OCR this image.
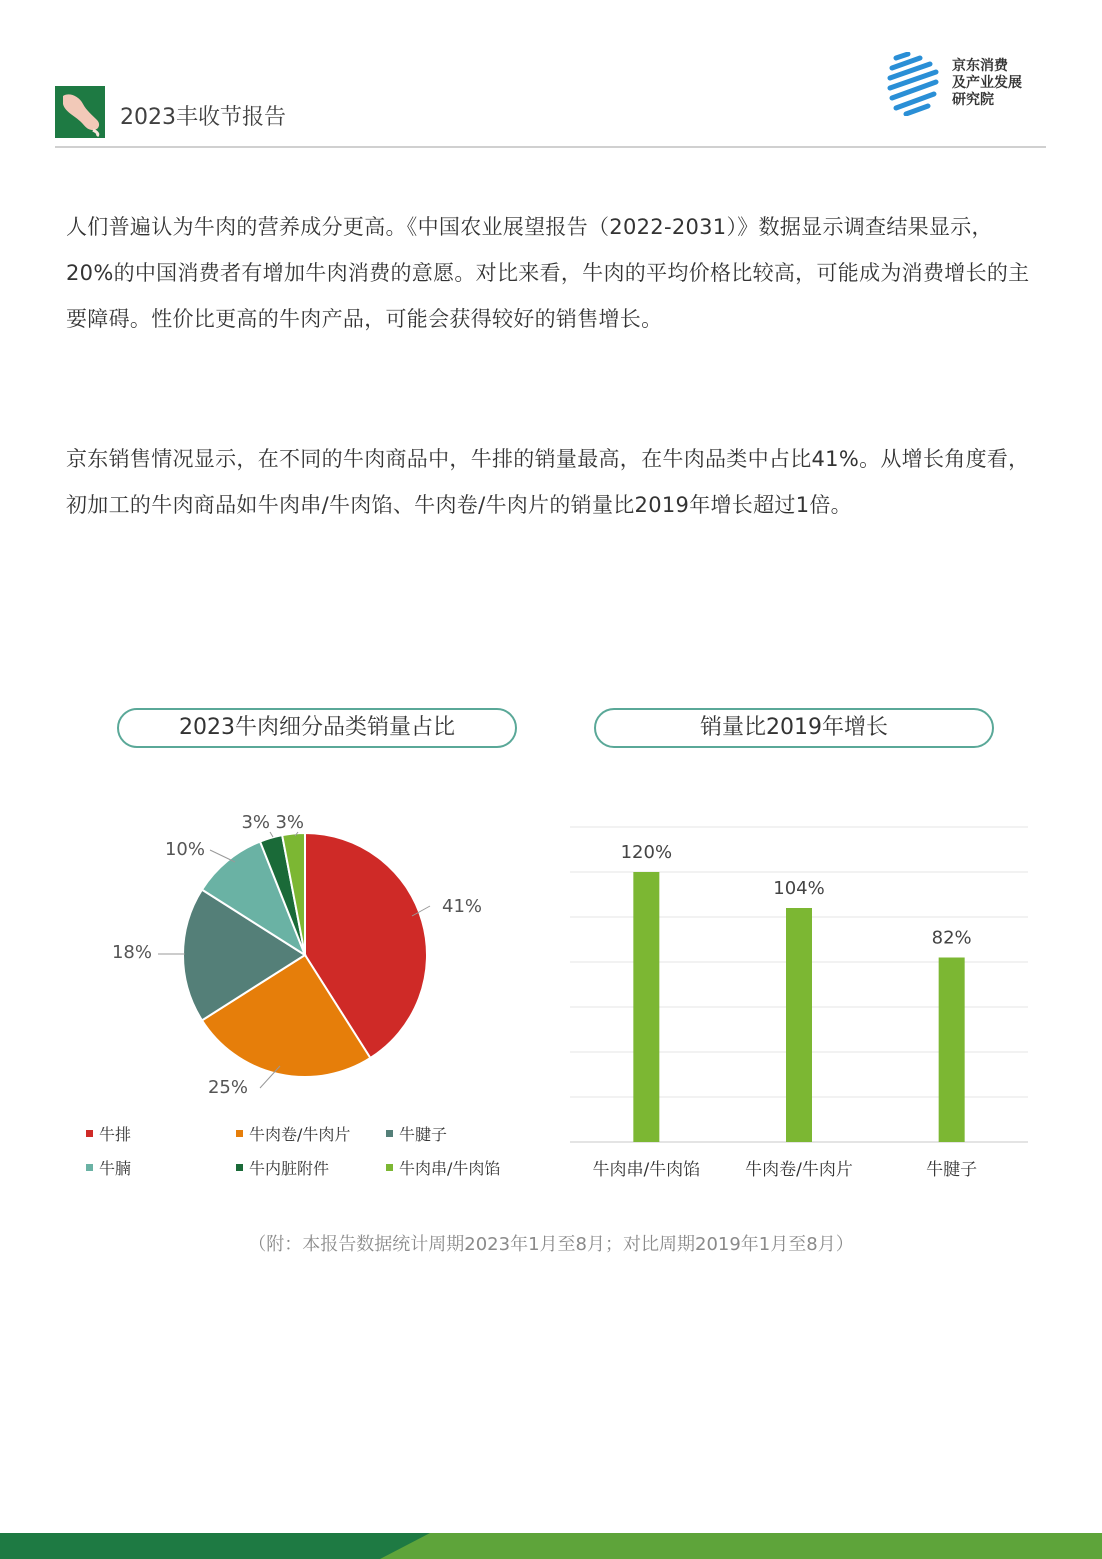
2023丰收节报告
京东消费
及产业发展
研究院

人们普遍认为牛肉的营养成分更高。《中国农业展望报告（2022-2031）》数据显示调查结果显示，20%的中国消费者有增加牛肉消费的意愿。对比来看，牛肉的平均价格比较高，可能成为消费增长的主要障碍。性价比更高的牛肉产品，可能会获得较好的销售增长。

京东销售情况显示，在不同的牛肉商品中，牛排的销量最高，在牛肉品类中占比41%。从增长角度看，初加工的牛肉商品如牛肉串/牛肉馅、牛肉卷/牛肉片的销量比2019年增长超过1倍。

2023牛肉细分品类销量占比	销量比2019年增长
41%
25%
18%
10%
3% 3%
牛排	牛肉卷/牛肉片	牛腱子
牛腩	牛内脏附件	牛肉串/牛肉馅
120%
牛肉串/牛肉馅
104%
牛肉卷/牛肉片
82%
牛腱子
（附：本报告数据统计周期2023年1月至8月；对比周期2019年1月至8月）
